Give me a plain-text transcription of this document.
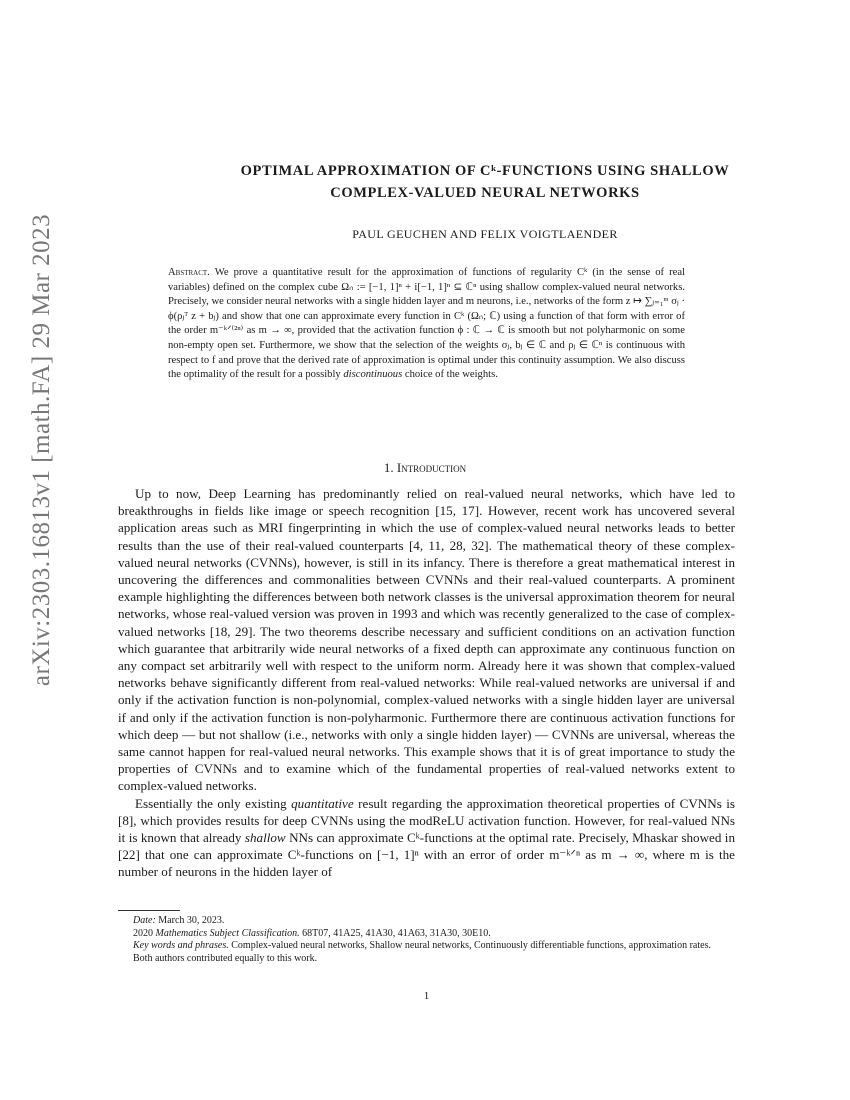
arXiv:2303.16813v1 [math.FA] 29 Mar 2023
OPTIMAL APPROXIMATION OF Cᵏ-FUNCTIONS USING SHALLOW
COMPLEX-VALUED NEURAL NETWORKS
PAUL GEUCHEN AND FELIX VOIGTLAENDER
Abstract. We prove a quantitative result for the approximation of functions of regularity Cᵏ (in the sense of real variables) defined on the complex cube Ωₙ := [−1, 1]ⁿ + i[−1, 1]ⁿ ⊆ ℂⁿ using shallow complex-valued neural networks. Precisely, we consider neural networks with a single hidden layer and m neurons, i.e., networks of the form z ↦ ∑ⱼ₌₁ᵐ σⱼ · ϕ(ρⱼᵀ z + bⱼ) and show that one can approximate every function in Cᵏ (Ωₙ; ℂ) using a function of that form with error of the order m⁻ᵏᐟ⁽²ⁿ⁾ as m → ∞, provided that the activation function ϕ : ℂ → ℂ is smooth but not polyharmonic on some non-empty open set. Furthermore, we show that the selection of the weights σⱼ, bⱼ ∈ ℂ and ρⱼ ∈ ℂⁿ is continuous with respect to f and prove that the derived rate of approximation is optimal under this continuity assumption. We also discuss the optimality of the result for a possibly discontinuous choice of the weights.
1. Introduction

Up to now, Deep Learning has predominantly relied on real-valued neural networks, which have led to breakthroughs in fields like image or speech recognition [15, 17]. However, recent work has uncovered several application areas such as MRI fingerprinting in which the use of complex-valued neural networks leads to better results than the use of their real-valued counterparts [4, 11, 28, 32]. The mathematical theory of these complex-valued neural networks (CVNNs), however, is still in its infancy. There is therefore a great mathematical interest in uncovering the differences and commonalities between CVNNs and their real-valued counterparts. A prominent example highlighting the differences between both network classes is the universal approximation theorem for neural networks, whose real-valued version was proven in 1993 and which was recently generalized to the case of complex-valued networks [18, 29]. The two theorems describe necessary and sufficient conditions on an activation function which guarantee that arbitrarily wide neural networks of a fixed depth can approximate any continuous function on any compact set arbitrarily well with respect to the uniform norm. Already here it was shown that complex-valued networks behave significantly different from real-valued networks: While real-valued networks are universal if and only if the activation function is non-polynomial, complex-valued networks with a single hidden layer are universal if and only if the activation function is non-polyharmonic. Furthermore there are continuous activation functions for which deep — but not shallow (i.e., networks with only a single hidden layer) — CVNNs are universal, whereas the same cannot happen for real-valued neural networks. This example shows that it is of great importance to study the properties of CVNNs and to examine which of the fundamental properties of real-valued networks extent to complex-valued networks.

Essentially the only existing quantitative result regarding the approximation theoretical properties of CVNNs is [8], which provides results for deep CVNNs using the modReLU activation function. However, for real-valued NNs it is known that already shallow NNs can approximate Cᵏ-functions at the optimal rate. Precisely, Mhaskar showed in [22] that one can approximate Cᵏ-functions on [−1, 1]ⁿ with an error of order m⁻ᵏᐟⁿ as m → ∞, where m is the number of neurons in the hidden layer of

Date: March 30, 2023.

2020 Mathematics Subject Classification. 68T07, 41A25, 41A30, 41A63, 31A30, 30E10.

Key words and phrases. Complex-valued neural networks, Shallow neural networks, Continuously differentiable functions, approximation rates.

Both authors contributed equally to this work.

1
